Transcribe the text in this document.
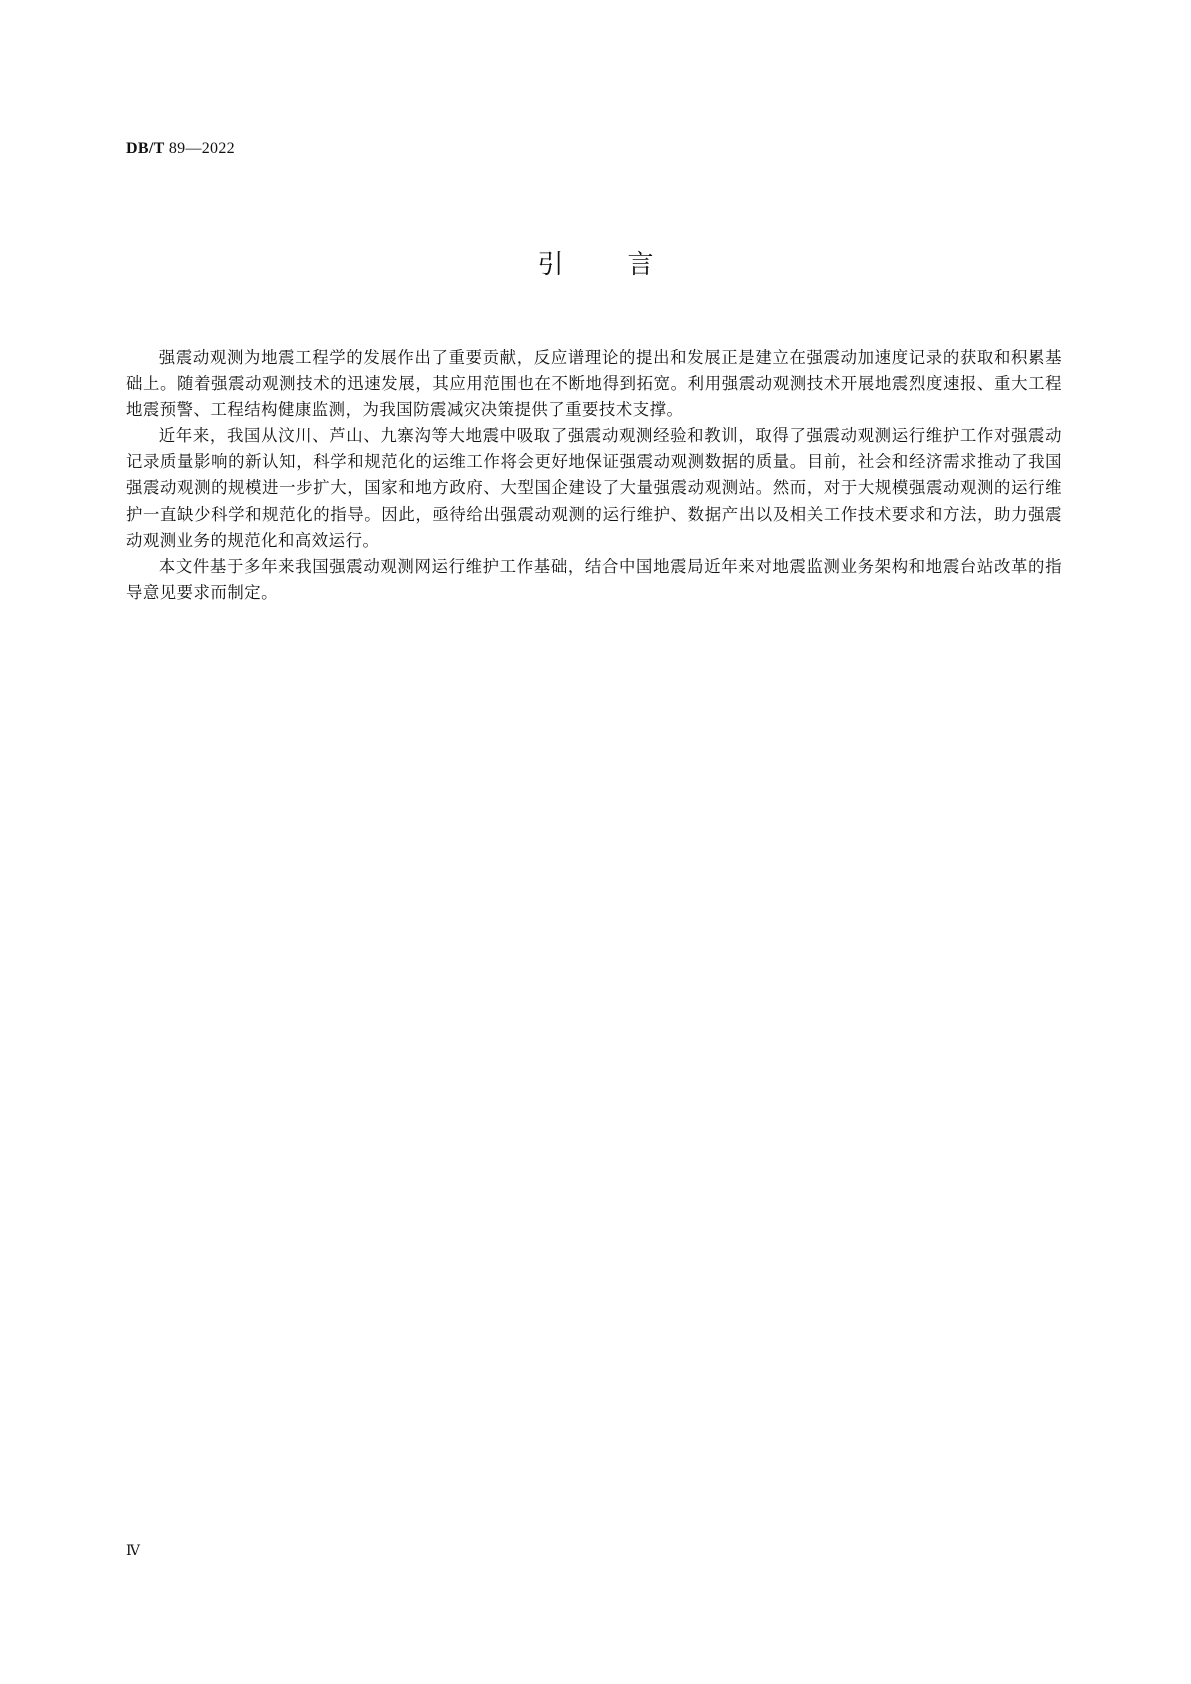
DB/T 89—2022

引言

强震动观测为地震工程学的发展作出了重要贡献，反应谱理论的提出和发展正是建立在强震动加速度记录的获取和积累基础上。随着强震动观测技术的迅速发展，其应用范围也在不断地得到拓宽。利用强震动观测技术开展地震烈度速报、重大工程地震预警、工程结构健康监测，为我国防震减灾决策提供了重要技术支撑。

近年来，我国从汶川、芦山、九寨沟等大地震中吸取了强震动观测经验和教训，取得了强震动观测运行维护工作对强震动记录质量影响的新认知，科学和规范化的运维工作将会更好地保证强震动观测数据的质量。目前，社会和经济需求推动了我国强震动观测的规模进一步扩大，国家和地方政府、大型国企建设了大量强震动观测站。然而，对于大规模强震动观测的运行维护一直缺少科学和规范化的指导。因此，亟待给出强震动观测的运行维护、数据产出以及相关工作技术要求和方法，助力强震动观测业务的规范化和高效运行。

本文件基于多年来我国强震动观测网运行维护工作基础，结合中国地震局近年来对地震监测业务架构和地震台站改革的指导意见要求而制定。

Ⅳ
